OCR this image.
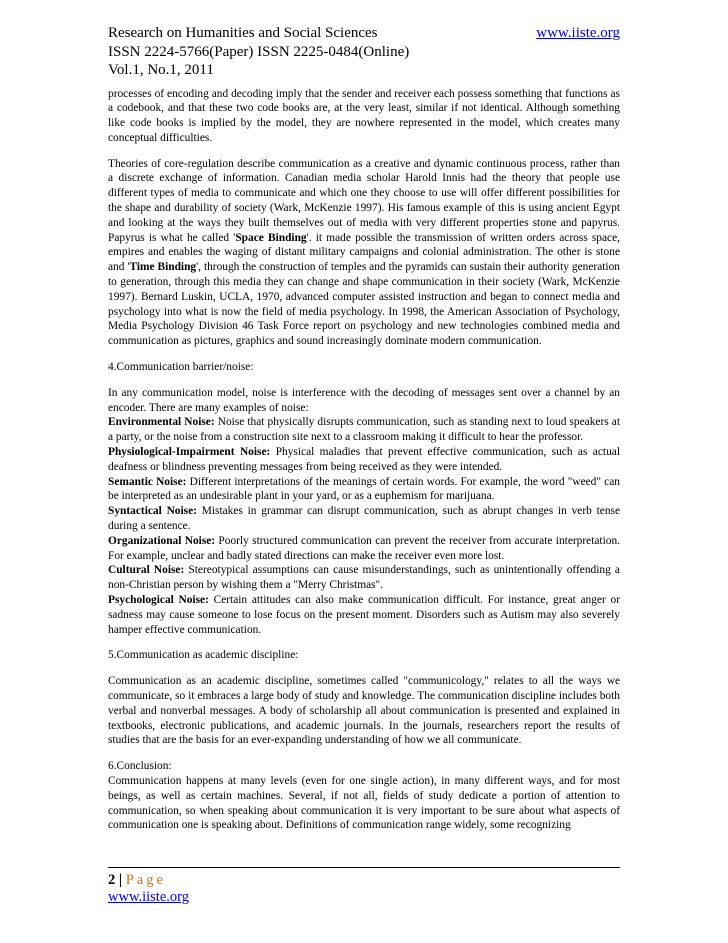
Research on Humanities and Social Sciences	www.iiste.org
ISSN 2224-5766(Paper) ISSN 2225-0484(Online)
Vol.1, No.1, 2011

processes of encoding and decoding imply that the sender and receiver each possess something that functions as a codebook, and that these two code books are, at the very least, similar if not identical. Although something like code books is implied by the model, they are nowhere represented in the model, which creates many conceptual difficulties.

Theories of core-regulation describe communication as a creative and dynamic continuous process, rather than a discrete exchange of information. Canadian media scholar Harold Innis had the theory that people use different types of media to communicate and which one they choose to use will offer different possibilities for the shape and durability of society (Wark, McKenzie 1997). His famous example of this is using ancient Egypt and looking at the ways they built themselves out of media with very different properties stone and papyrus. Papyrus is what he called 'Space Binding'. it made possible the transmission of written orders across space, empires and enables the waging of distant military campaigns and colonial administration. The other is stone and 'Time Binding', through the construction of temples and the pyramids can sustain their authority generation to generation, through this media they can change and shape communication in their society (Wark, McKenzie 1997). Bernard Luskin, UCLA, 1970, advanced computer assisted instruction and began to connect media and psychology into what is now the field of media psychology. In 1998, the American Association of Psychology, Media Psychology Division 46 Task Force report on psychology and new technologies combined media and communication as pictures, graphics and sound increasingly dominate modern communication.

4.Communication barrier/noise:

In any communication model, noise is interference with the decoding of messages sent over a channel by an encoder. There are many examples of noise:

Environmental Noise: Noise that physically disrupts communication, such as standing next to loud speakers at a party, or the noise from a construction site next to a classroom making it difficult to hear the professor.

Physiological-Impairment Noise: Physical maladies that prevent effective communication, such as actual deafness or blindness preventing messages from being received as they were intended.

Semantic Noise: Different interpretations of the meanings of certain words. For example, the word "weed" can be interpreted as an undesirable plant in your yard, or as a euphemism for marijuana.

Syntactical Noise: Mistakes in grammar can disrupt communication, such as abrupt changes in verb tense during a sentence.

Organizational Noise: Poorly structured communication can prevent the receiver from accurate interpretation. For example, unclear and badly stated directions can make the receiver even more lost.

Cultural Noise: Stereotypical assumptions can cause misunderstandings, such as unintentionally offending a non-Christian person by wishing them a "Merry Christmas".

Psychological Noise: Certain attitudes can also make communication difficult. For instance, great anger or sadness may cause someone to lose focus on the present moment. Disorders such as Autism may also severely hamper effective communication.

5.Communication as academic discipline:

Communication as an academic discipline, sometimes called "communicology," relates to all the ways we communicate, so it embraces a large body of study and knowledge. The communication discipline includes both verbal and nonverbal messages. A body of scholarship all about communication is presented and explained in textbooks, electronic publications, and academic journals. In the journals, researchers report the results of studies that are the basis for an ever-expanding understanding of how we all communicate.

6.Conclusion:

Communication happens at many levels (even for one single action), in many different ways, and for most beings, as well as certain machines. Several, if not all, fields of study dedicate a portion of attention to communication, so when speaking about communication it is very important to be sure about what aspects of communication one is speaking about. Definitions of communication range widely, some recognizing

2 | Page
www.iiste.org
